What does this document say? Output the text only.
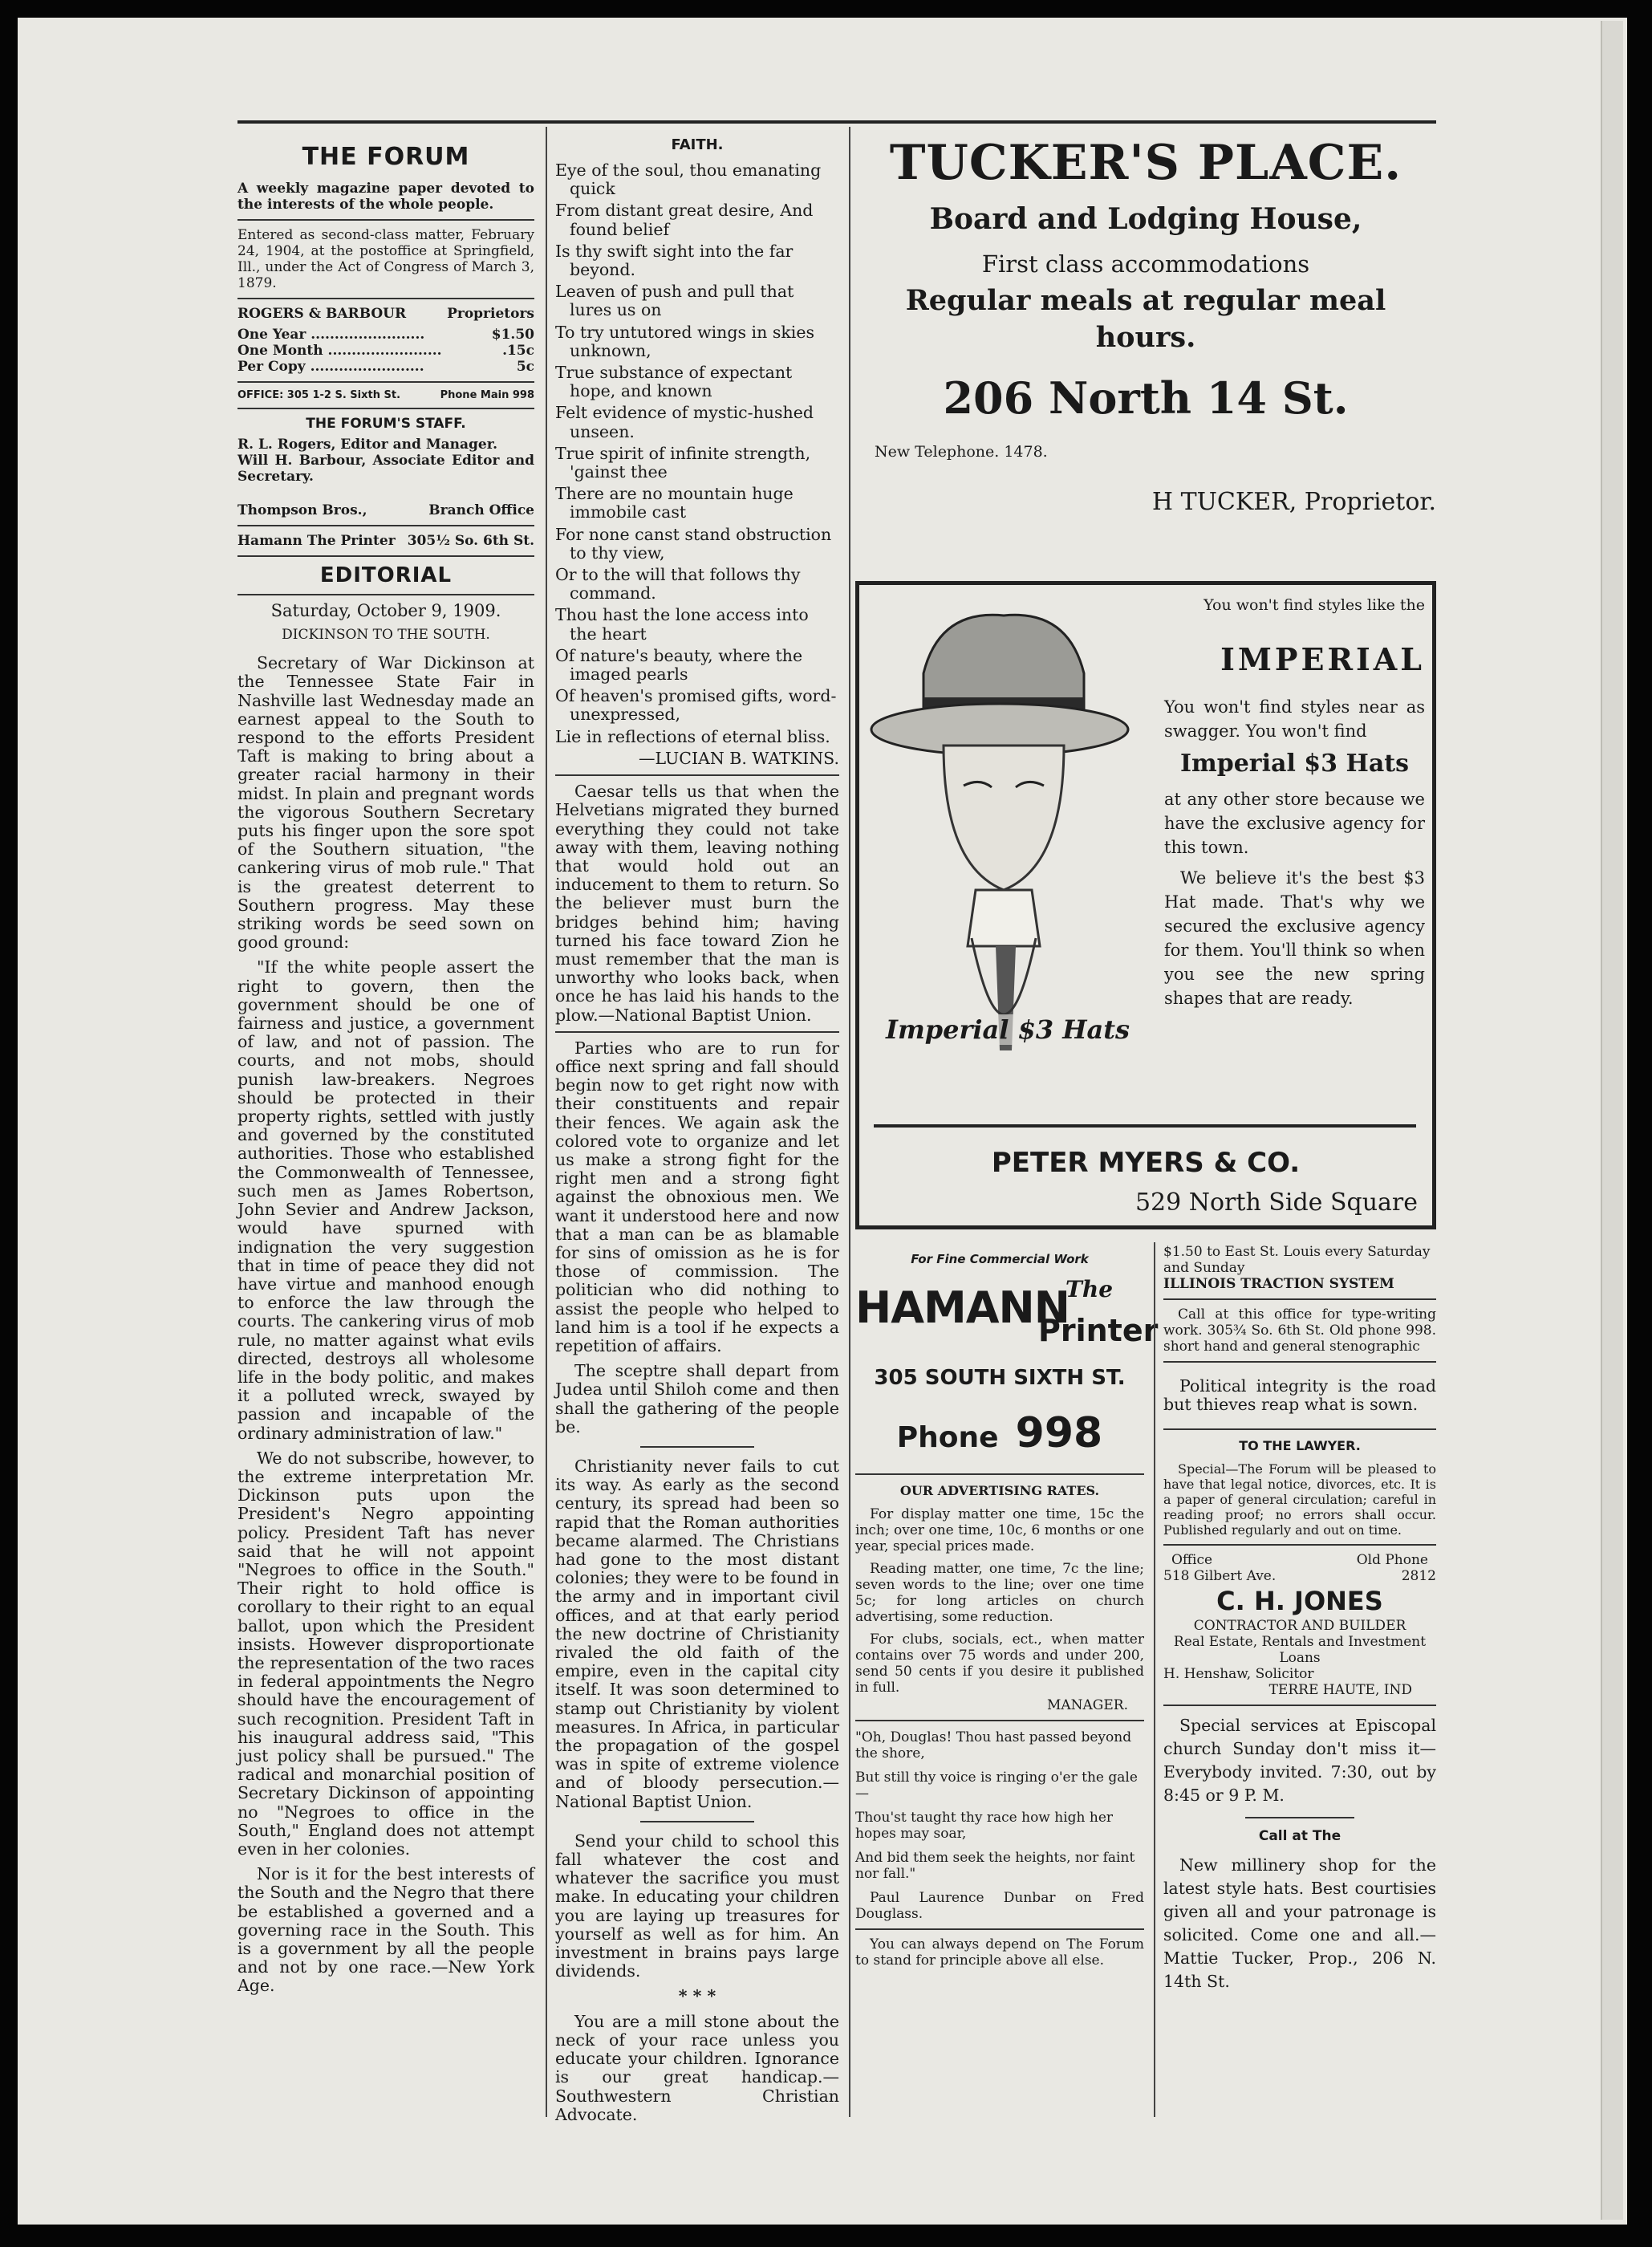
THE FORUM

A weekly magazine paper devoted to the interests of the whole people.

Entered as second-class matter, February 24, 1904, at the postoffice at Springfield, Ill., under the Act of Congress of March 3, 1879.

ROGERS & BARBOUR	Proprietors
One Year ........................	$1.50
One Month ........................	.15c
Per Copy ........................	5c
OFFICE: 305 1-2 S. Sixth St.	Phone Main 998
THE FORUM'S STAFF.

R. L. Rogers, Editor and Manager.

Will H. Barbour, Associate Editor and Secretary.

Thompson Bros.,	Branch Office
Hamann The Printer 305½ So. 6th St.
EDITORIAL

Saturday, October 9, 1909.

DICKINSON TO THE SOUTH.

Secretary of War Dickinson at the Tennessee State Fair in Nashville last Wednesday made an earnest appeal to the South to respond to the efforts President Taft is making to bring about a greater racial harmony in their midst. In plain and pregnant words the vigorous Southern Secretary puts his finger upon the sore spot of the Southern situation, "the cankering virus of mob rule." That is the greatest deterrent to Southern progress. May these striking words be seed sown on good ground:

"If the white people assert the right to govern, then the government should be one of fairness and justice, a government of law, and not of passion. The courts, and not mobs, should punish law-breakers. Negroes should be protected in their property rights, settled with justly and governed by the constituted authorities. Those who established the Commonwealth of Tennessee, such men as James Robertson, John Sevier and Andrew Jackson, would have spurned with indignation the very suggestion that in time of peace they did not have virtue and manhood enough to enforce the law through the courts. The cankering virus of mob rule, no matter against what evils directed, destroys all wholesome life in the body politic, and makes it a polluted wreck, swayed by passion and incapable of the ordinary administration of law."

We do not subscribe, however, to the extreme interpretation Mr. Dickinson puts upon the President's Negro appointing policy. President Taft has never said that he will not appoint "Negroes to office in the South." Their right to hold office is corollary to their right to an equal ballot, upon which the President insists. However disproportionate the representation of the two races in federal appointments the Negro should have the encouragement of such recognition. President Taft in his inaugural address said, "This just policy shall be pursued." The radical and monarchial position of Secretary Dickinson of appointing no "Negroes to office in the South," England does not attempt even in her colonies.

Nor is it for the best interests of the South and the Negro that there be established a governed and a governing race in the South. This is a government by all the people and not by one race.—New York Age.

FAITH.

Eye of the soul, thou emanating quick

From distant great desire, And found belief

Is thy swift sight into the far beyond.

Leaven of push and pull that lures us on

To try untutored wings in skies unknown,

True substance of expectant hope, and known

Felt evidence of mystic-hushed unseen.

True spirit of infinite strength, 'gainst thee

There are no mountain huge immobile cast

For none canst stand obstruction to thy view,

Or to the will that follows thy command.

Thou hast the lone access into the heart

Of nature's beauty, where the imaged pearls

Of heaven's promised gifts, word-unexpressed,

Lie in reflections of eternal bliss.

—LUCIAN B. WATKINS.

Caesar tells us that when the Helvetians migrated they burned everything they could not take away with them, leaving nothing that would hold out an inducement to them to return. So the believer must burn the bridges behind him; having turned his face toward Zion he must remember that the man is unworthy who looks back, when once he has laid his hands to the plow.—National Baptist Union.

Parties who are to run for office next spring and fall should begin now to get right now with their constituents and repair their fences. We again ask the colored vote to organize and let us make a strong fight for the right men and a strong fight against the obnoxious men. We want it understood here and now that a man can be as blamable for sins of omission as he is for those of commission. The politician who did nothing to assist the people who helped to land him is a tool if he expects a repetition of affairs.

The sceptre shall depart from Judea until Shiloh come and then shall the gathering of the people be.

Christianity never fails to cut its way. As early as the second century, its spread had been so rapid that the Roman authorities became alarmed. The Christians had gone to the most distant colonies; they were to be found in the army and in important civil offices, and at that early period the new doctrine of Christianity rivaled the old faith of the empire, even in the capital city itself. It was soon determined to stamp out Christianity by violent measures. In Africa, in particular the propagation of the gospel was in spite of extreme violence and of bloody persecution.—National Baptist Union.

Send your child to school this fall whatever the cost and whatever the sacrifice you must make. In educating your children you are laying up treasures for yourself as well as for him. An investment in brains pays large dividends.

* * *

You are a mill stone about the neck of your race unless you educate your children. Ignorance is our great handicap.—Southwestern Christian Advocate.

TUCKER'S PLACE.
Board and Lodging House,
First class accommodations
Regular meals at regular meal hours.
206 North 14 St.
New Telephone. 1478.
H TUCKER, Proprietor.
Imperial $3 Hats
You won't find styles like the
IMPERIAL

You won't find styles near as swagger. You won't find

Imperial $3 Hats

at any other store because we have the exclusive agency for this town.

We believe it's the best $3 Hat made. That's why we secured the exclusive agency for them. You'll think so when you see the new spring shapes that are ready.

PETER MYERS & CO.
529 North Side Square
For Fine Commercial Work
HAMANN
The
Printer
305 SOUTH SIXTH ST.
Phone 998
OUR ADVERTISING RATES.

For display matter one time, 15c the inch; over one time, 10c, 6 months or one year, special prices made.

Reading matter, one time, 7c the line; seven words to the line; over one time 5c; for long articles on church advertising, some reduction.

For clubs, socials, ect., when matter contains over 75 words and under 200, send 50 cents if you desire it published in full.

MANAGER.

"Oh, Douglas! Thou hast passed beyond the shore,

But still thy voice is ringing o'er the gale—

Thou'st taught thy race how high her hopes may soar,

And bid them seek the heights, nor faint nor fall."

Paul Laurence Dunbar on Fred Douglass.

You can always depend on The Forum to stand for principle above all else.

$1.50 to East St. Louis every Saturday and Sunday

ILLINOIS TRACTION SYSTEM

Call at this office for type-writing work. 305¾ So. 6th St. Old phone 998. short hand and general stenographic

Political integrity is the road but thieves reap what is sown.

TO THE LAWYER.

Special—The Forum will be pleased to have that legal notice, divorces, etc. It is a paper of general circulation; careful in reading proof; no errors shall occur. Published regularly and out on time.

Office	Old Phone
518 Gilbert Ave.	2812
C. H. JONES
CONTRACTOR AND BUILDER
Real Estate, Rentals and Investment Loans
H. Henshaw, Solicitor
TERRE HAUTE, IND

Special services at Episcopal church Sunday don't miss it—Everybody invited. 7:30, out by 8:45 or 9 P. M.

Call at The

New millinery shop for the latest style hats. Best courtisies given all and your patronage is solicited. Come one and all.—Mattie Tucker, Prop., 206 N. 14th St.
